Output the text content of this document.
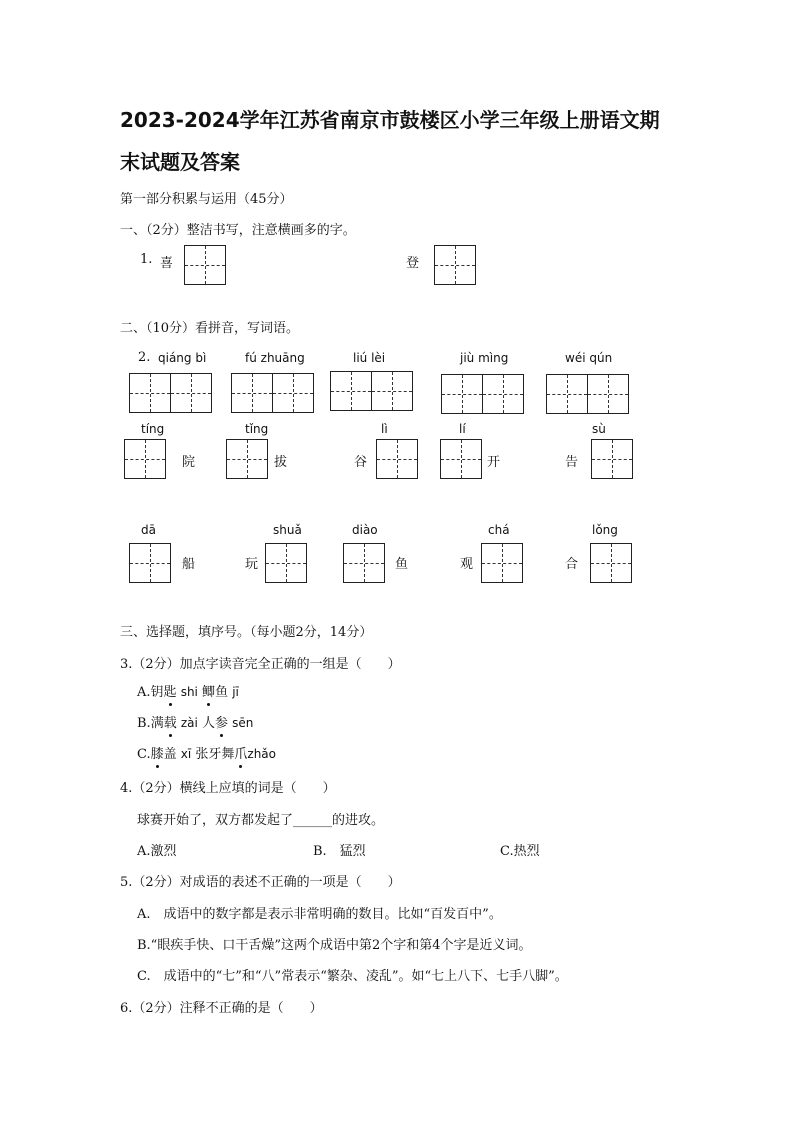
2023-2024学年江苏省南京市鼓楼区小学三年级上册语文期
末试题及答案
第一部分积累与运用（45分）
一、（2分）整洁书写，注意横画多的字。
1. 喜	登
二、（10分）看拼音，写词语。
2. qiáng bì	fú zhuāng	liú lèi	jiù mìng	wéi qún
tíng	tǐng	lì	lí	sù
院	拔	谷	开	告
dā	shuǎ	diào	chá	lǒng
船	玩	鱼	观	合
三、选择题，填序号。（每小题2分，14分）
3.（2分）加点字读音完全正确的一组是（　　）
A.钥匙 shi 鲫鱼 jī
B.满载 zài 人参 sēn
C.膝盖 xī 张牙舞爪zhǎo
4.（2分）横线上应填的词是（　　）
球赛开始了，双方都发起了______的进攻。
A.激烈	B.　猛烈	C.热烈
5.（2分）对成语的表述不正确的一项是（　　）
A.　成语中的数字都是表示非常明确的数目。比如“百发百中”。
B.“眼疾手快、口干舌燥”这两个成语中第2个字和第4个字是近义词。
C.　成语中的“七”和“八”常表示“繁杂、凌乱”。如“七上八下、七手八脚”。
6.（2分）注释不正确的是（　　）
